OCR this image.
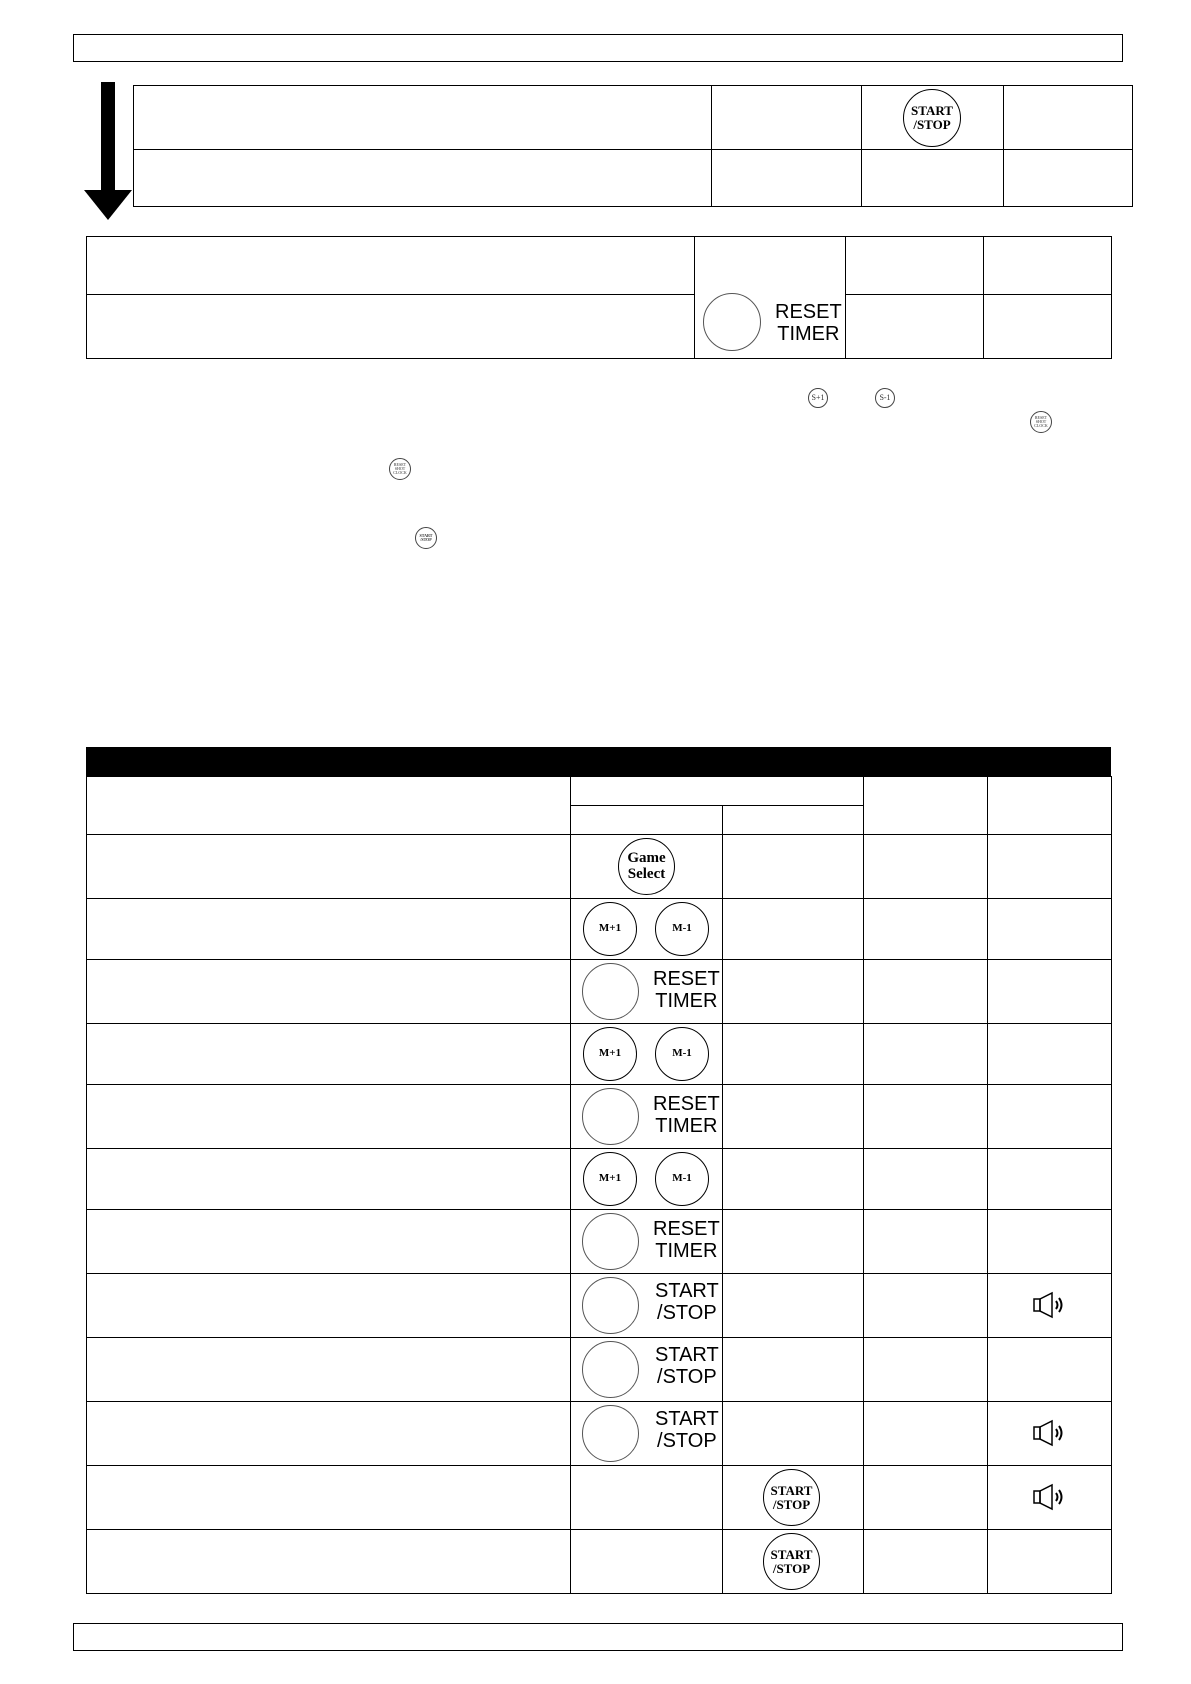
		START
/STOP	

	RESET
TIMER		

S+1	S-1
RESET SHOT CLOCK
RESET SHOT CLOCK
START /STOP

	Game Select			

	M+1 M-1			

	RESET
TIMER			

	M+1 M-1			

	RESET
TIMER			

	M+1 M-1			

	RESET
TIMER			

	START
/STOP

	START
/STOP			

	START
/STOP

		START
/STOP

		START
/STOP		
